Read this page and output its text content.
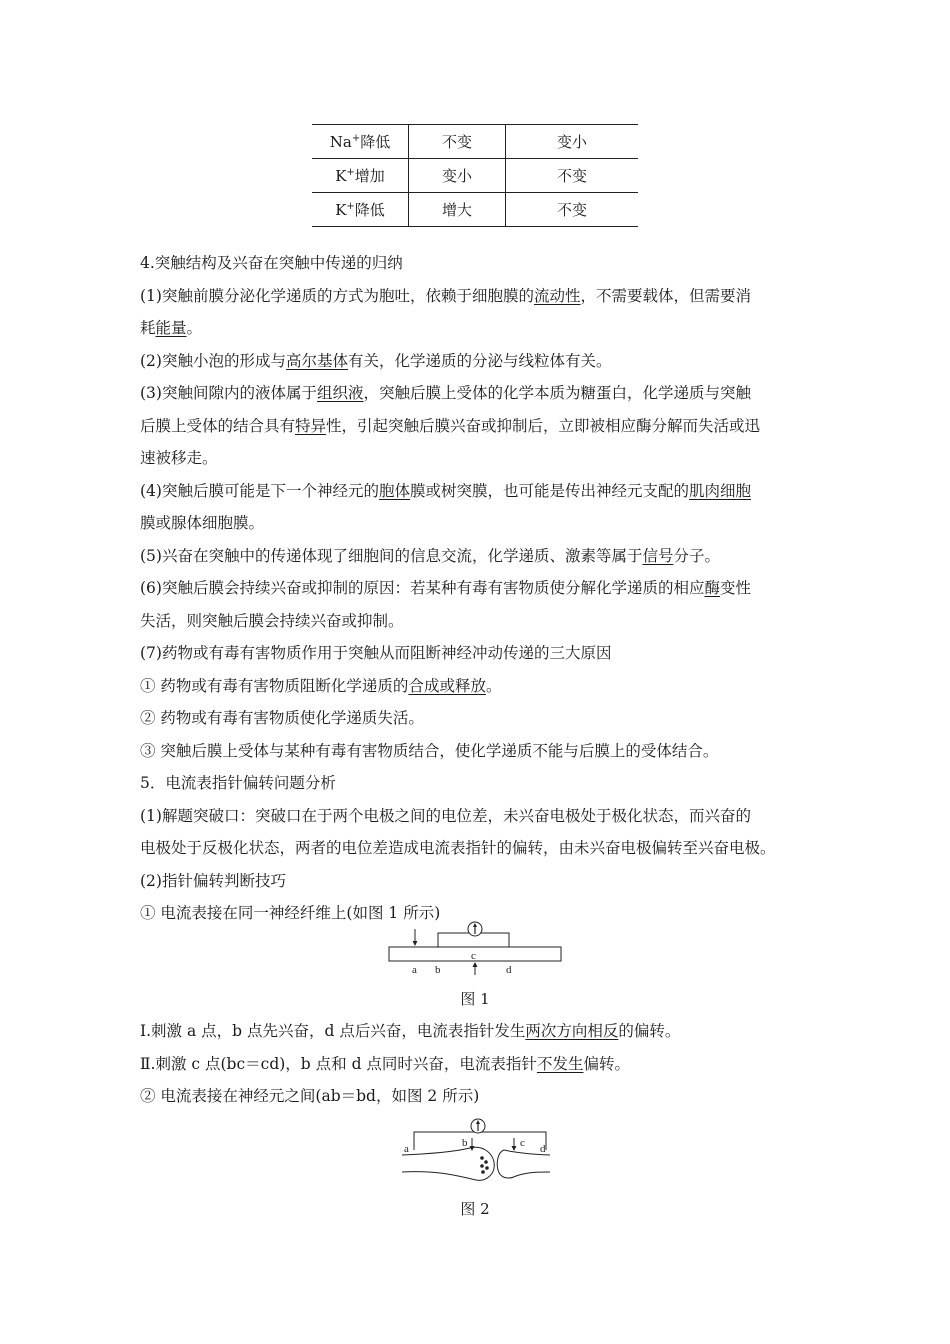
Na+降低	不变	变小
K+增加	变小	不变
K+降低	增大	不变
4.突触结构及兴奋在突触中传递的归纳
(1)突触前膜分泌化学递质的方式为胞吐，依赖于细胞膜的流动性，不需要载体，但需要消
耗能量。
(2)突触小泡的形成与高尔基体有关，化学递质的分泌与线粒体有关。
(3)突触间隙内的液体属于组织液，突触后膜上受体的化学本质为糖蛋白，化学递质与突触
后膜上受体的结合具有特异性，引起突触后膜兴奋或抑制后，立即被相应酶分解而失活或迅
速被移走。
(4)突触后膜可能是下一个神经元的胞体膜或树突膜，也可能是传出神经元支配的肌肉细胞
膜或腺体细胞膜。
(5)兴奋在突触中的传递体现了细胞间的信息交流，化学递质、激素等属于信号分子。
(6)突触后膜会持续兴奋或抑制的原因：若某种有毒有害物质使分解化学递质的相应酶变性
失活，则突触后膜会持续兴奋或抑制。
(7)药物或有毒有害物质作用于突触从而阻断神经冲动传递的三大原因
① 药物或有毒有害物质阻断化学递质的合成或释放。
② 药物或有毒有害物质使化学递质失活。
③ 突触后膜上受体与某种有毒有害物质结合，使化学递质不能与后膜上的受体结合。
5．电流表指针偏转问题分析
(1)解题突破口：突破口在于两个电极之间的电位差，未兴奋电极处于极化状态，而兴奋的
电极处于反极化状态，两者的电位差造成电流表指针的偏转，由未兴奋电极偏转至兴奋电极。
(2)指针偏转判断技巧
① 电流表接在同一神经纤维上(如图 1 所示)
a b
c
d
图 1
Ⅰ.刺激 a 点，b 点先兴奋，d 点后兴奋，电流表指针发生两次方向相反的偏转。
Ⅱ.刺激 c 点(bc＝cd)，b 点和 d 点同时兴奋，电流表指针不发生偏转。
② 电流表接在神经元之间(ab＝bd，如图 2 所示)
a	b	c d
图 2
